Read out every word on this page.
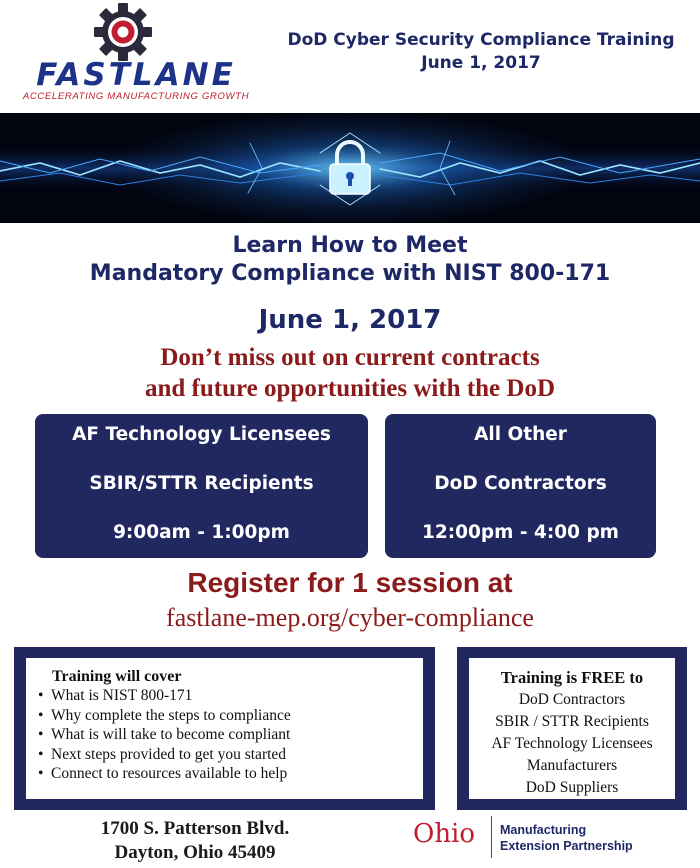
FASTLANE
ACCELERATING MANUFACTURING GROWTH
DoD Cyber Security Compliance Training
June 1, 2017
Learn How to Meet
Mandatory Compliance with NIST 800-171
June 1, 2017
Don’t miss out on current contracts
and future opportunities with the DoD
AF Technology Licensees
SBIR/STTR Recipients
9:00am - 1:00pm
All Other
DoD Contractors
12:00pm - 4:00 pm
Register for 1 session at
fastlane-mep.org/cyber-compliance
Training will cover
• What is NIST 800-171
• Why complete the steps to compliance
• What is will take to become compliant
• Next steps provided to get you started
• Connect to resources available to help
Training is FREE to
DoD Contractors
SBIR / STTR Recipients
AF Technology Licensees
Manufacturers
DoD Suppliers
1700 S. Patterson Blvd.
Dayton, Ohio 45409
Ohio Manufacturing
Extension Partnership
